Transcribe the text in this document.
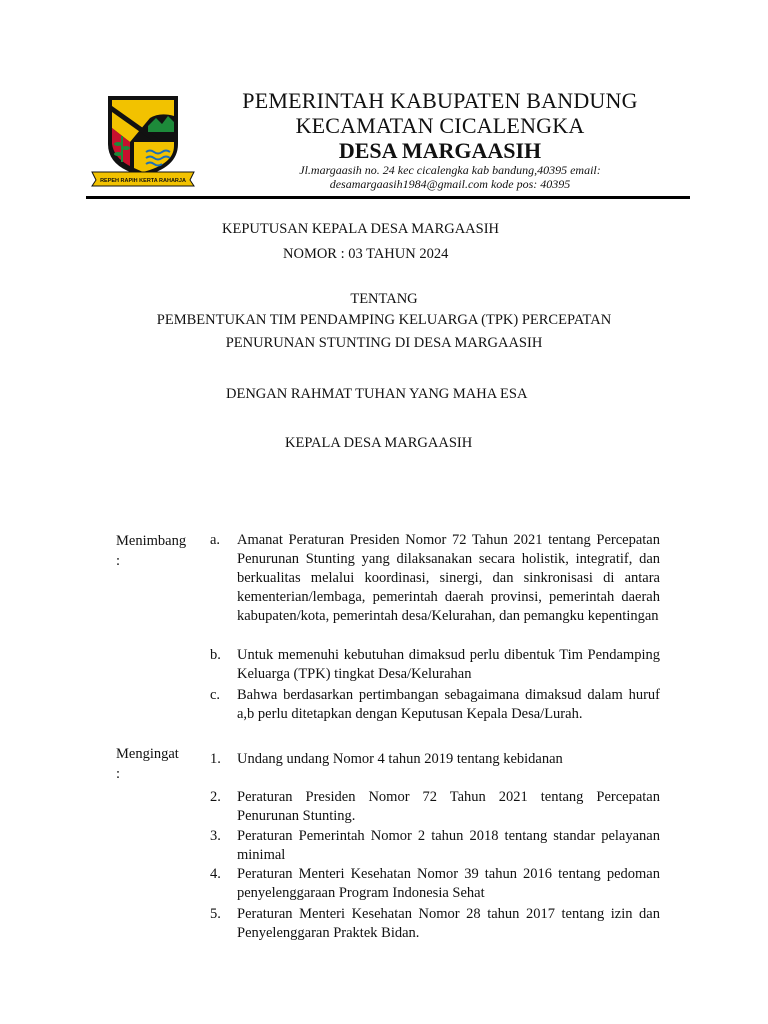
REPEH RAPIH KERTA RAHARJA
PEMERINTAH KABUPATEN BANDUNG
KECAMATAN CICALENGKA
DESA MARGAASIH
Jl.margaasih no. 24 kec cicalengka kab bandung,40395 email:
desamargaasih1984@gmail.com kode pos: 40395
KEPUTUSAN KEPALA DESA MARGAASIH
NOMOR : 03 TAHUN 2024
TENTANG
PEMBENTUKAN TIM PENDAMPING KELUARGA (TPK) PERCEPATAN
PENURUNAN STUNTING DI DESA MARGAASIH
DENGAN RAHMAT TUHAN YANG MAHA ESA
KEPALA DESA MARGAASIH
Menimbang
:
a.	Amanat Peraturan Presiden Nomor 72 Tahun 2021 tentang Percepatan Penurunan Stunting yang dilaksanakan secara holistik, integratif, dan berkualitas melalui koordinasi, sinergi, dan sinkronisasi di antara kementerian/lembaga, pemerintah daerah provinsi, pemerintah daerah kabupaten/kota, pemerintah desa/Kelurahan, dan pemangku kepentingan
b.	Untuk memenuhi kebutuhan dimaksud perlu dibentuk Tim Pendamping Keluarga (TPK) tingkat Desa/Kelurahan
c.	Bahwa berdasarkan pertimbangan sebagaimana dimaksud dalam huruf a,b perlu ditetapkan dengan Keputusan Kepala Desa/Lurah.
Mengingat
:
1.	Undang undang Nomor 4 tahun 2019 tentang kebidanan
2.	Peraturan Presiden Nomor 72 Tahun 2021 tentang Percepatan Penurunan Stunting.
3.	Peraturan Pemerintah Nomor 2 tahun 2018 tentang standar pelayanan minimal
4.	Peraturan Menteri Kesehatan Nomor 39 tahun 2016 tentang pedoman penyelenggaraan Program Indonesia Sehat
5.	Peraturan Menteri Kesehatan Nomor 28 tahun 2017 tentang izin dan Penyelenggaran Praktek Bidan.
